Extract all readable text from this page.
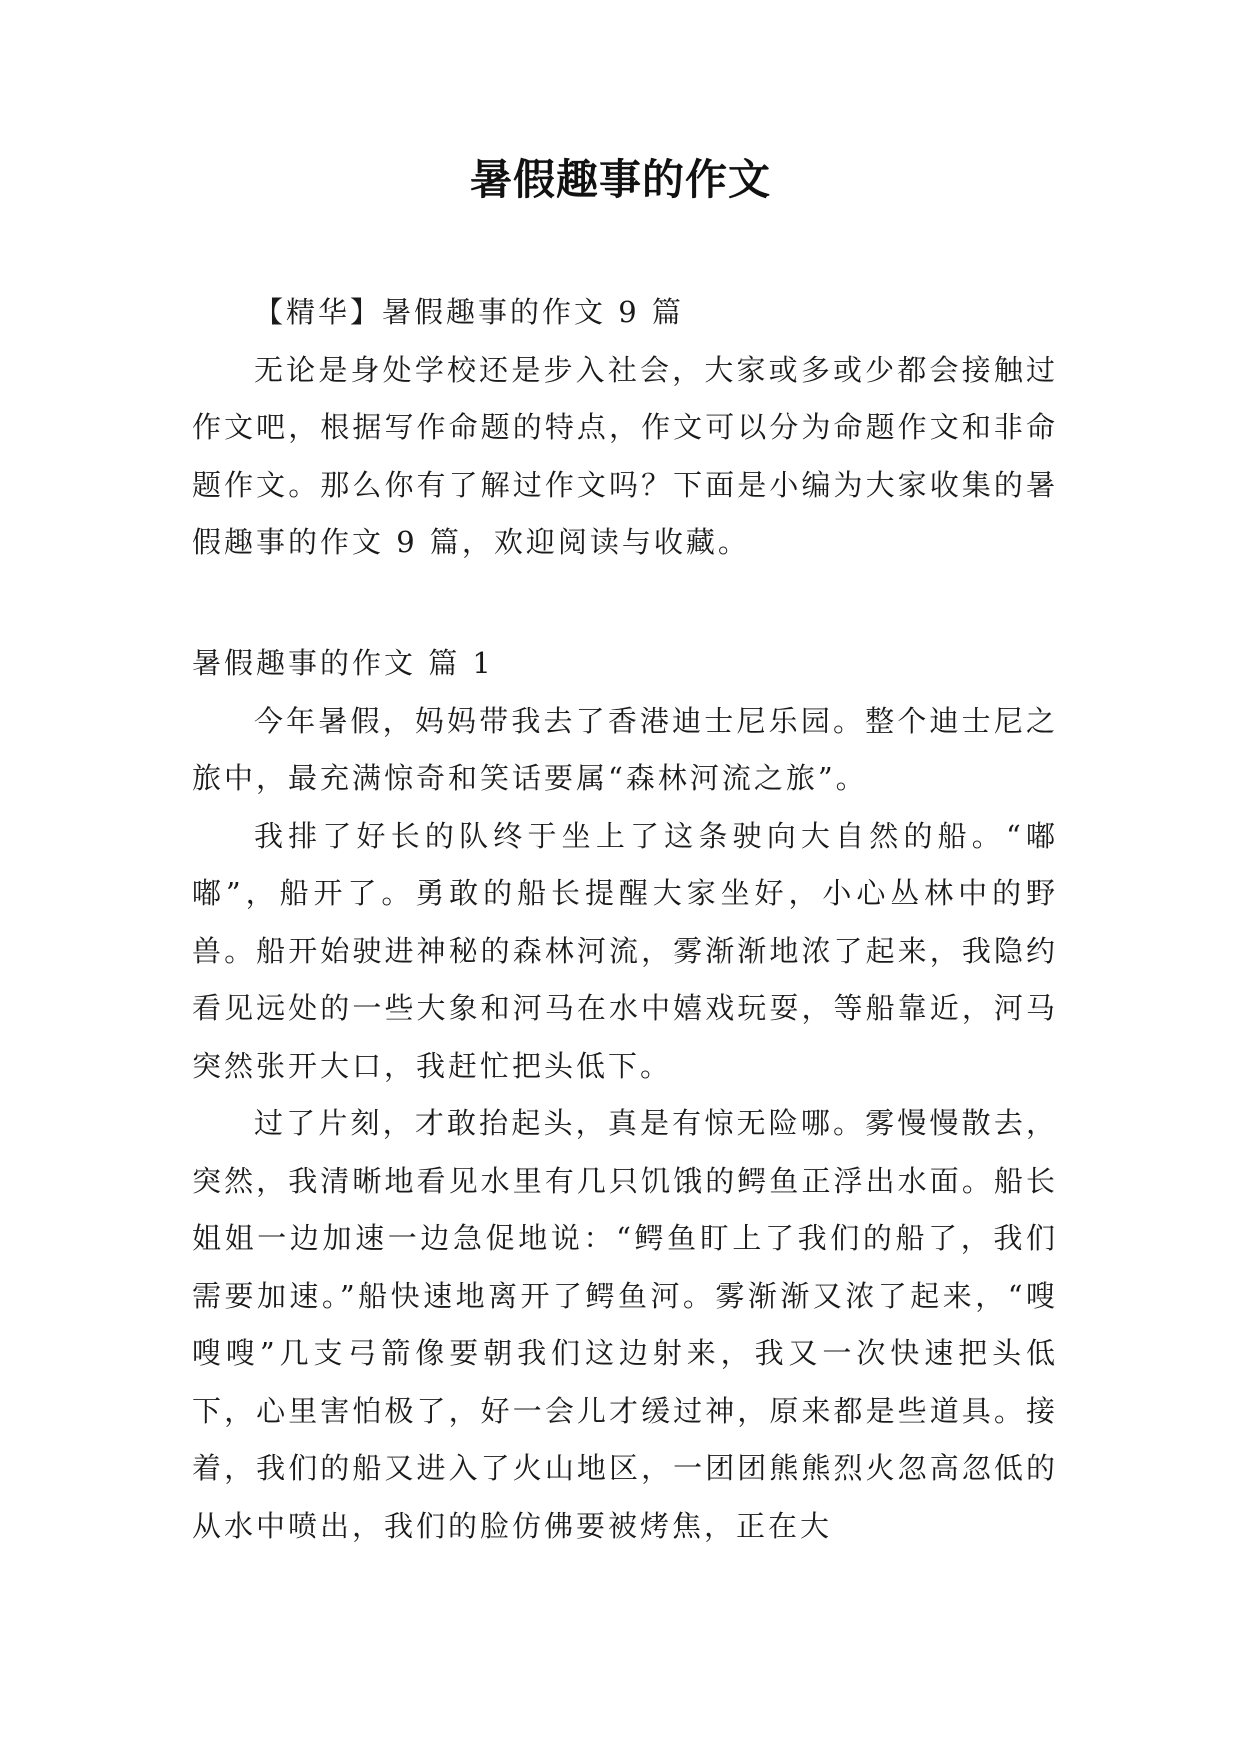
暑假趣事的作文

【精华】暑假趣事的作文 9 篇

无论是身处学校还是步入社会，大家或多或少都会接触过作文吧，根据写作命题的特点，作文可以分为命题作文和非命题作文。那么你有了解过作文吗？下面是小编为大家收集的暑假趣事的作文 9 篇，欢迎阅读与收藏。

暑假趣事的作文 篇 1

今年暑假，妈妈带我去了香港迪士尼乐园。整个迪士尼之旅中，最充满惊奇和笑话要属“森林河流之旅”。

我排了好长的队终于坐上了这条驶向大自然的船。“嘟嘟”，船开了。勇敢的船长提醒大家坐好，小心丛林中的野兽。船开始驶进神秘的森林河流，雾渐渐地浓了起来，我隐约看见远处的一些大象和河马在水中嬉戏玩耍，等船靠近，河马突然张开大口，我赶忙把头低下。

过了片刻，才敢抬起头，真是有惊无险哪。雾慢慢散去，突然，我清晰地看见水里有几只饥饿的鳄鱼正浮出水面。船长姐姐一边加速一边急促地说：“鳄鱼盯上了我们的船了，我们需要加速。”船快速地离开了鳄鱼河。雾渐渐又浓了起来，“嗖嗖嗖”几支弓箭像要朝我们这边射来，我又一次快速把头低下，心里害怕极了，好一会儿才缓过神，原来都是些道具。接着，我们的船又进入了火山地区，一团团熊熊烈火忽高忽低的从水中喷出，我们的脸仿佛要被烤焦，正在大
